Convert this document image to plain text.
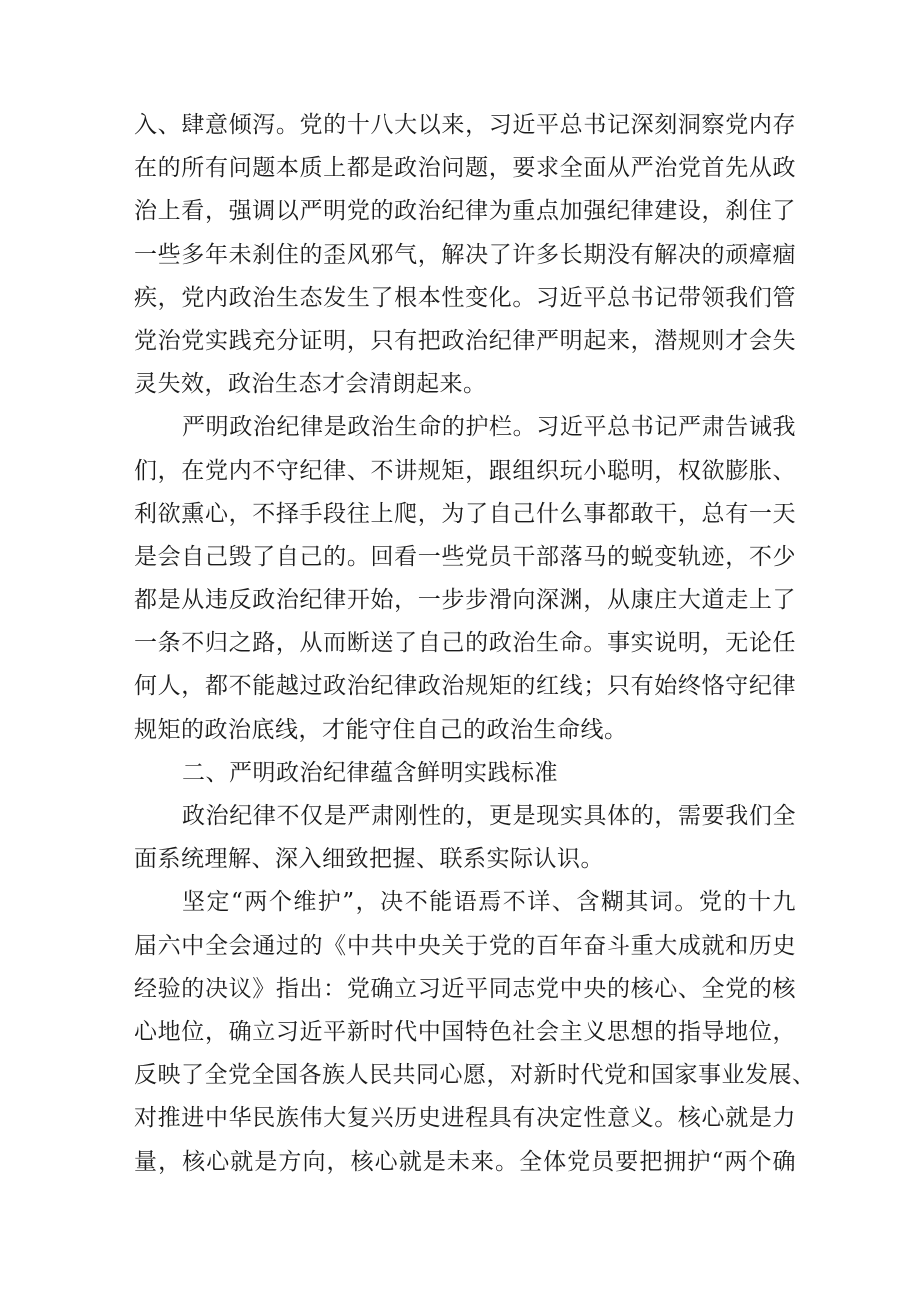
入、肆意倾泻。党的十八大以来，习近平总书记深刻洞察党内存
在的所有问题本质上都是政治问题，要求全面从严治党首先从政
治上看，强调以严明党的政治纪律为重点加强纪律建设，刹住了
一些多年未刹住的歪风邪气，解决了许多长期没有解决的顽瘴痼
疾，党内政治生态发生了根本性变化。习近平总书记带领我们管
党治党实践充分证明，只有把政治纪律严明起来，潜规则才会失
灵失效，政治生态才会清朗起来。
严明政治纪律是政治生命的护栏。习近平总书记严肃告诫我
们，在党内不守纪律、不讲规矩，跟组织玩小聪明，权欲膨胀、
利欲熏心，不择手段往上爬，为了自己什么事都敢干，总有一天
是会自己毁了自己的。回看一些党员干部落马的蜕变轨迹，不少
都是从违反政治纪律开始，一步步滑向深渊，从康庄大道走上了
一条不归之路，从而断送了自己的政治生命。事实说明，无论任
何人，都不能越过政治纪律政治规矩的红线；只有始终恪守纪律
规矩的政治底线，才能守住自己的政治生命线。
二、严明政治纪律蕴含鲜明实践标准
政治纪律不仅是严肃刚性的，更是现实具体的，需要我们全
面系统理解、深入细致把握、联系实际认识。
坚定“两个维护”，决不能语焉不详、含糊其词。党的十九
届六中全会通过的《中共中央关于党的百年奋斗重大成就和历史
经验的决议》指出：党确立习近平同志党中央的核心、全党的核
心地位，确立习近平新时代中国特色社会主义思想的指导地位，
反映了全党全国各族人民共同心愿，对新时代党和国家事业发展、
对推进中华民族伟大复兴历史进程具有决定性意义。核心就是力
量，核心就是方向，核心就是未来。全体党员要把拥护“两个确
